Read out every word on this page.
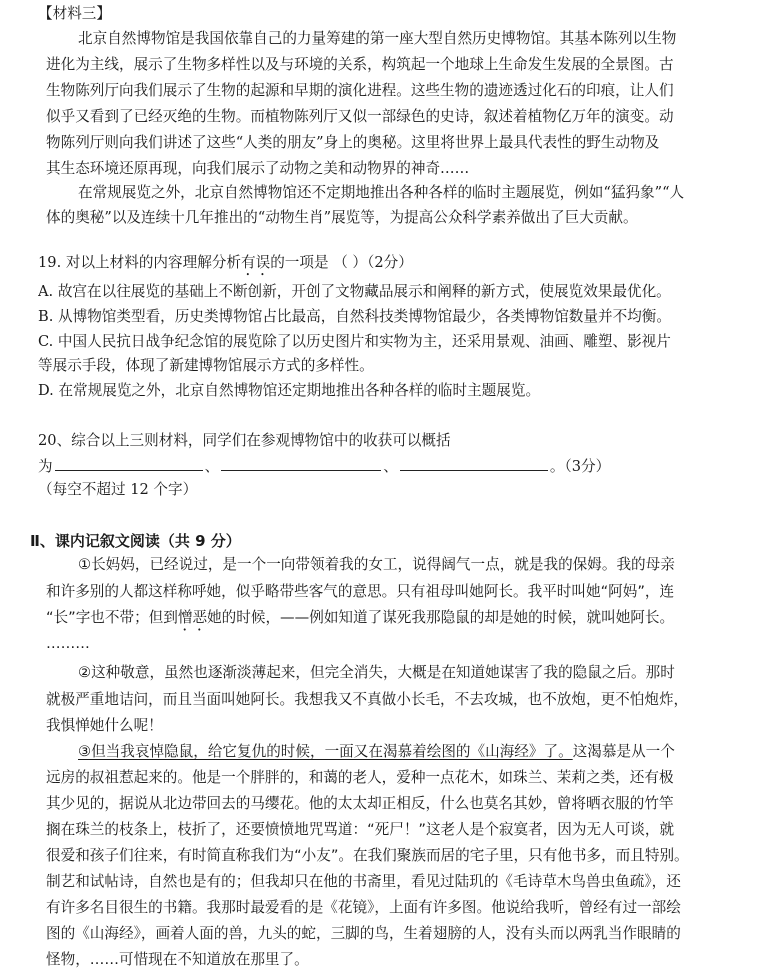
【材料三】
北京自然博物馆是我国依靠自己的力量筹建的第一座大型自然历史博物馆。其基本陈列以生物
进化为主线，展示了生物多样性以及与环境的关系，构筑起一个地球上生命发生发展的全景图。古
生物陈列厅向我们展示了生物的起源和早期的演化进程。这些生物的遗迹透过化石的印痕，让人们
似乎又看到了已经灭绝的生物。而植物陈列厅又似一部绿色的史诗，叙述着植物亿万年的演变。动
物陈列厅则向我们讲述了这些“人类的朋友”身上的奥秘。这里将世界上最具代表性的野生动物及
其生态环境还原再现，向我们展示了动物之美和动物界的神奇……
在常规展览之外，北京自然博物馆还不定期地推出各种各样的临时主题展览，例如“猛犸象”“人
体的奥秘”以及连续十几年推出的“动物生肖”展览等，为提高公众科学素养做出了巨大贡献。
19. 对以上材料的内容理解分析有误的一项是 （ ）（2分）
A. 故宫在以往展览的基础上不断创新，开创了文物藏品展示和阐释的新方式，使展览效果最优化。
B. 从博物馆类型看，历史类博物馆占比最高，自然科技类博物馆最少，各类博物馆数量并不均衡。
C. 中国人民抗日战争纪念馆的展览除了以历史图片和实物为主，还采用景观、油画、雕塑、影视片
等展示手段，体现了新建博物馆展示方式的多样性。
D. 在常规展览之外，北京自然博物馆还定期地推出各种各样的临时主题展览。
20、综合以上三则材料，同学们在参观博物馆中的收获可以概括
为	、	、	。（3分）
（每空不超过 12 个字）
Ⅱ、课内记叙文阅读（共 9 分）
①长妈妈，已经说过，是一个一向带领着我的女工，说得阔气一点，就是我的保姆。我的母亲
和许多别的人都这样称呼她，似乎略带些客气的意思。只有祖母叫她阿长。我平时叫她“阿妈”，连
“长”字也不带；但到憎恶她的时候，——例如知道了谋死我那隐鼠的却是她的时候，就叫她阿长。
………
②这种敬意，虽然也逐渐淡薄起来，但完全消失，大概是在知道她谋害了我的隐鼠之后。那时
就极严重地诘问，而且当面叫她阿长。我想我又不真做小长毛，不去攻城，也不放炮，更不怕炮炸，
我惧惮她什么呢！
③但当我哀悼隐鼠，给它复仇的时候，一面又在渴慕着绘图的《山海经》了。这渴慕是从一个
远房的叔祖惹起来的。他是一个胖胖的，和蔼的老人，爱种一点花木，如珠兰、茉莉之类，还有极
其少见的，据说从北边带回去的马缨花。他的太太却正相反，什么也莫名其妙，曾将晒衣服的竹竿
搁在珠兰的枝条上，枝折了，还要愤愤地咒骂道：“死尸！”这老人是个寂寞者，因为无人可谈，就
很爱和孩子们往来，有时简直称我们为“小友”。在我们聚族而居的宅子里，只有他书多，而且特别。
制艺和试帖诗，自然也是有的；但我却只在他的书斋里，看见过陆玑的《毛诗草木鸟兽虫鱼疏》，还
有许多名目很生的书籍。我那时最爱看的是《花镜》，上面有许多图。他说给我听，曾经有过一部绘
图的《山海经》，画着人面的兽，九头的蛇，三脚的鸟，生着翅膀的人，没有头而以两乳当作眼睛的
怪物，……可惜现在不知道放在那里了。
